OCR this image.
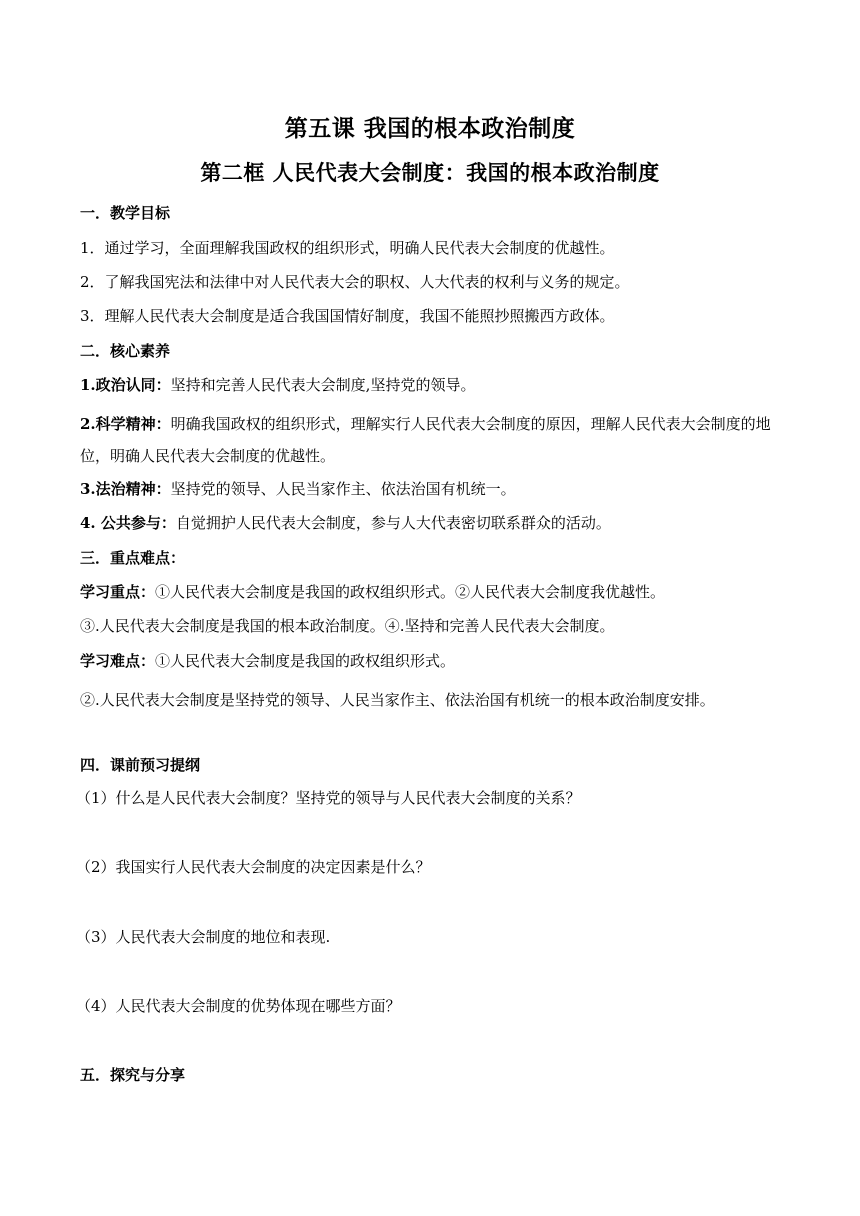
第五课 我国的根本政治制度
第二框 人民代表大会制度：我国的根本政治制度
一．教学目标
1．通过学习，全面理解我国政权的组织形式，明确人民代表大会制度的优越性。
2．了解我国宪法和法律中对人民代表大会的职权、人大代表的权利与义务的规定。
3．理解人民代表大会制度是适合我国国情好制度，我国不能照抄照搬西方政体。
二．核心素养
1.政治认同：坚持和完善人民代表大会制度,坚持党的领导。
2.科学精神：明确我国政权的组织形式，理解实行人民代表大会制度的原因，理解人民代表大会制度的地位，明确人民代表大会制度的优越性。
3.法治精神：坚持党的领导、人民当家作主、依法治国有机统一。
4. 公共参与：自觉拥护人民代表大会制度，参与人大代表密切联系群众的活动。
三．重点难点：
学习重点：①人民代表大会制度是我国的政权组织形式。②人民代表大会制度我优越性。
③.人民代表大会制度是我国的根本政治制度。④.坚持和完善人民代表大会制度。
学习难点：①人民代表大会制度是我国的政权组织形式。
②.人民代表大会制度是坚持党的领导、人民当家作主、依法治国有机统一的根本政治制度安排。
四．课前预习提纲
（1）什么是人民代表大会制度？坚持党的领导与人民代表大会制度的关系？
（2）我国实行人民代表大会制度的决定因素是什么？
（3）人民代表大会制度的地位和表现.
（4）人民代表大会制度的优势体现在哪些方面？
五．探究与分享
